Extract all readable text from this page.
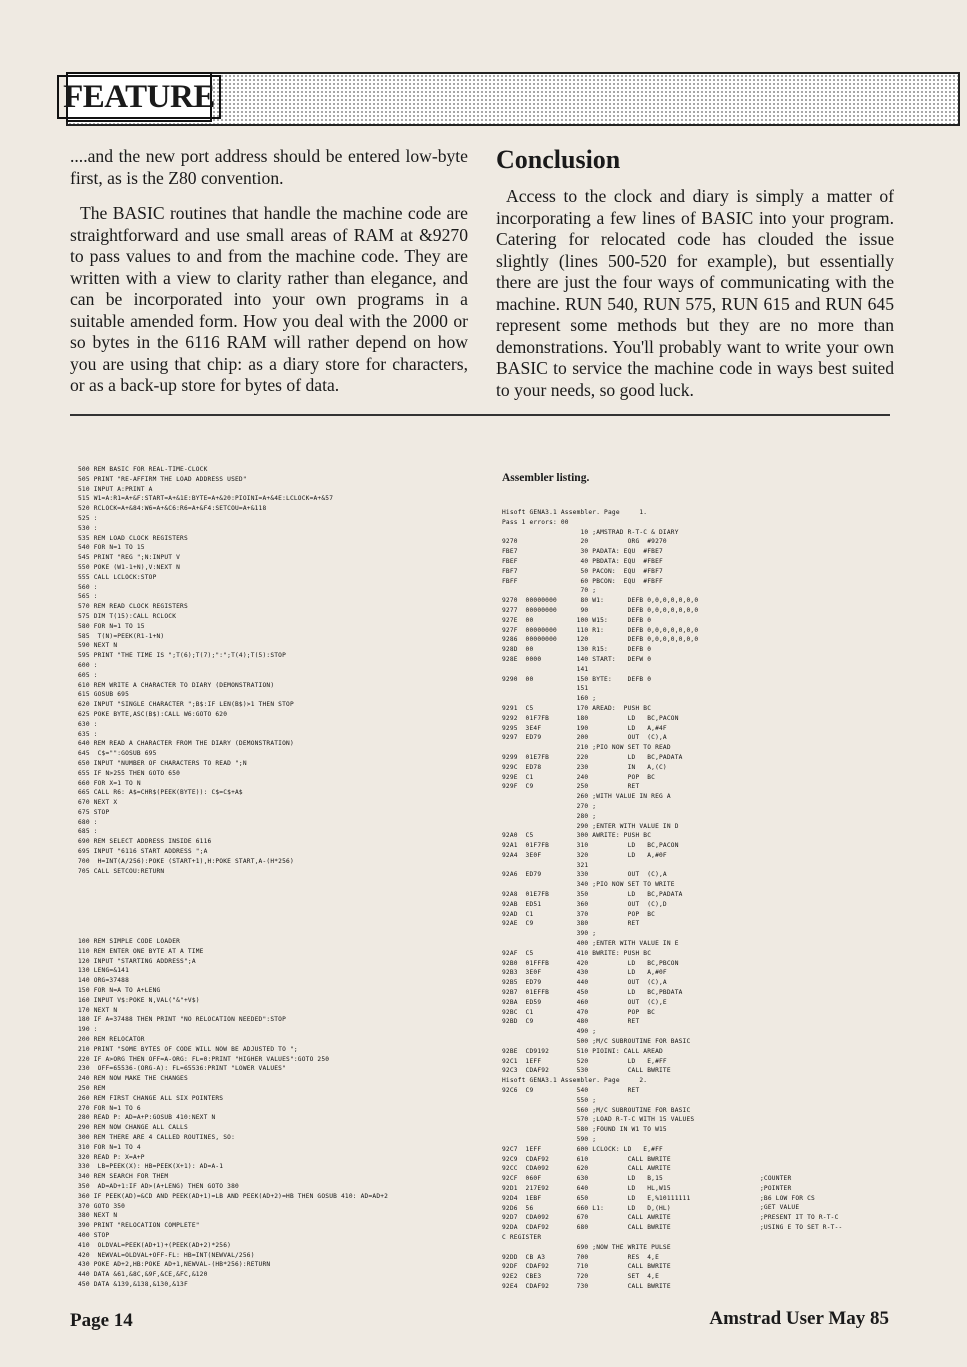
FEATURE

....and the new port address should be entered low-byte first, as is the Z80 convention.

The BASIC routines that handle the machine code are straightforward and use small areas of RAM at &9270 to pass values to and from the machine code. They are written with a view to clarity rather than elegance, and can be incorporated into your own programs in a suitable amended form. How you deal with the 2000 or so bytes in the 6116 RAM will rather depend on how you are using that chip: as a diary store for characters, or as a back-up store for bytes of data.

Conclusion

Access to the clock and diary is simply a matter of incorporating a few lines of BASIC into your program. Catering for relocated code has clouded the issue slightly (lines 500-520 for example), but essentially there are just the four ways of communicating with the machine. RUN 540, RUN 575, RUN 615 and RUN 645 represent some methods but they are no more than demonstrations. You'll probably want to write your own BASIC to service the machine code in ways best suited to your needs, so good luck.

500 REM BASIC FOR REAL-TIME-CLOCK
505 PRINT "RE-AFFIRM THE LOAD ADDRESS USED"
510 INPUT A:PRINT A
515 W1=A:R1=A+&F:START=A+&1E:BYTE=A+&20:PIOINI=A+&4E:LCLOCK=A+&57
520 RCLOCK=A+&84:W6=A+&C6:R6=A+&F4:SETCOU=A+&118
525 :
530 :
535 REM LOAD CLOCK REGISTERS
540 FOR N=1 TO 15
545 PRINT "REG ";N:INPUT V
550 POKE (W1-1+N),V:NEXT N
555 CALL LCLOCK:STOP
560 :
565 :
570 REM READ CLOCK REGISTERS
575 DIM T(15):CALL RCLOCK
580 FOR N=1 TO 15
585  T(N)=PEEK(R1-1+N)
590 NEXT N
595 PRINT "THE TIME IS ";T(6);T(7);":";T(4);T(5):STOP
600 :
605 :
610 REM WRITE A CHARACTER TO DIARY (DEMONSTRATION)
615 GOSUB 695
620 INPUT "SINGLE CHARACTER ";B$:IF LEN(B$)>1 THEN STOP
625 POKE BYTE,ASC(B$):CALL W6:GOTO 620
630 :
635 :
640 REM READ A CHARACTER FROM THE DIARY (DEMONSTRATION)
645  C$="":GOSUB 695
650 INPUT "NUMBER OF CHARACTERS TO READ ";N
655 IF N>255 THEN GOTO 650
660 FOR X=1 TO N
665 CALL R6: A$=CHR$(PEEK(BYTE)): C$=C$+A$
670 NEXT X
675 STOP
680 :
685 :
690 REM SELECT ADDRESS INSIDE 6116
695 INPUT "6116 START ADDRESS ";A
700  H=INT(A/256):POKE (START+1),H:POKE START,A-(H*256)
705 CALL SETCOU:RETURN
100 REM SIMPLE CODE LOADER
110 REM ENTER ONE BYTE AT A TIME
120 INPUT "STARTING ADDRESS";A
130 LENG=&141
140 ORG=37488
150 FOR N=A TO A+LENG
160 INPUT V$:POKE N,VAL("&"+V$)
170 NEXT N
180 IF A=37488 THEN PRINT "NO RELOCATION NEEDED":STOP
190 :
200 REM RELOCATOR
210 PRINT "SOME BYTES OF CODE WILL NOW BE ADJUSTED TO ";
220 IF A>ORG THEN OFF=A-ORG: FL=0:PRINT "HIGHER VALUES":GOTO 250
230  OFF=65536-(ORG-A): FL=65536:PRINT "LOWER VALUES"
240 REM NOW MAKE THE CHANGES
250 REM
260 REM FIRST CHANGE ALL SIX POINTERS
270 FOR N=1 TO 6
280 READ P: AD=A+P:GOSUB 410:NEXT N
290 REM NOW CHANGE ALL CALLS
300 REM THERE ARE 4 CALLED ROUTINES, SO:
310 FOR N=1 TO 4
320 READ P: X=A+P
330  LB=PEEK(X): HB=PEEK(X+1): AD=A-1
340 REM SEARCH FOR THEM
350  AD=AD+1:IF AD>(A+LENG) THEN GOTO 380
360 IF PEEK(AD)=&CD AND PEEK(AD+1)=LB AND PEEK(AD+2)=HB THEN GOSUB 410: AD=AD+2
370 GOTO 350
380 NEXT N
390 PRINT "RELOCATION COMPLETE"
400 STOP
410  OLDVAL=PEEK(AD+1)+(PEEK(AD+2)*256)
420  NEWVAL=OLDVAL+OFF-FL: HB=INT(NEWVAL/256)
430 POKE AD+2,HB:POKE AD+1,NEWVAL-(HB*256):RETURN
440 DATA &61,&8C,&9F,&CE,&FC,&120
450 DATA &139,&138,&130,&13F
Assembler listing.
Hisoft GENA3.1 Assembler. Page     1.
Pass 1 errors: 00
10 ;AMSTRAD R-T-C & DIARY
9270                20          ORG  #9270
FBE7                30 PADATA: EQU  #FBE7
FBEF                40 PBDATA: EQU  #FBEF
FBF7                50 PACON:  EQU  #FBF7
FBFF                60 PBCON:  EQU  #FBFF
70 ;
9270  00000000      80 W1:      DEFB 0,0,0,0,0,0,0
9277  00000000      90          DEFB 0,0,0,0,0,0,0
927E  00           100 W15:     DEFB 0
927F  00000000     110 R1:      DEFB 0,0,0,0,0,0,0
9286  00000000     120          DEFB 0,0,0,0,0,0,0
928D  00           130 R15:     DEFB 0
928E  0000         140 START:   DEFW 0
141
9290  00           150 BYTE:    DEFB 0
151
160 ;
9291  C5           170 AREAD:  PUSH BC
9292  01F7FB       180          LD   BC,PACON
9295  3E4F         190          LD   A,#4F
9297  ED79         200          OUT  (C),A
210 ;PIO NOW SET TO READ
9299  01E7FB       220          LD   BC,PADATA
929C  ED78         230          IN   A,(C)
929E  C1           240          POP  BC
929F  C9           250          RET
260 ;WITH VALUE IN REG A
270 ;
280 ;
290 ;ENTER WITH VALUE IN D
92A0  C5           300 AWRITE: PUSH BC
92A1  01F7FB       310          LD   BC,PACON
92A4  3E0F         320          LD   A,#0F
321
92A6  ED79         330          OUT  (C),A
340 ;PIO NOW SET TO WRITE
92A8  01E7FB       350          LD   BC,PADATA
92AB  ED51         360          OUT  (C),D
92AD  C1           370          POP  BC
92AE  C9           380          RET
390 ;
400 ;ENTER WITH VALUE IN E
92AF  C5           410 BWRITE: PUSH BC
92B0  01FFFB       420          LD   BC,PBCON
92B3  3E0F         430          LD   A,#0F
92B5  ED79         440          OUT  (C),A
92B7  01EFFB       450          LD   BC,PBDATA
92BA  ED59         460          OUT  (C),E
92BC  C1           470          POP  BC
92BD  C9           480          RET
490 ;
500 ;M/C SUBROUTINE FOR BASIC
92BE  CD9192       510 PIOINI: CALL AREAD
92C1  1EFF         520          LD   E,#FF
92C3  CDAF92       530          CALL BWRITE
Hisoft GENA3.1 Assembler. Page     2.
92C6  C9           540          RET
550 ;
560 ;M/C SUBROUTINE FOR BASIC
570 ;LOAD R-T-C WITH 15 VALUES
580 ;FOUND IN W1 TO W15
590 ;
92C7  1EFF         600 LCLOCK: LD   E,#FF
92C9  CDAF92       610          CALL BWRITE
92CC  CDA092       620          CALL AWRITE
92CF  060F         630          LD   B,15
92D1  217E92       640          LD   HL,W15
92D4  1EBF         650          LD   E,%10111111
92D6  56           660 L1:      LD   D,(HL)
92D7  CDA092       670          CALL AWRITE
92DA  CDAF92       680          CALL BWRITE
C REGISTER
690 ;NOW THE WRITE PULSE
92DD  CB A3        700          RES  4,E
92DF  CDAF92       710          CALL BWRITE
92E2  CBE3         720          SET  4,E
92E4  CDAF92       730          CALL BWRITE
;COUNTER
;POINTER
;B6 LOW FOR CS
;GET VALUE
;PRESENT IT TO R-T-C
;USING E TO SET R-T--
Page 14	Amstrad User May 85
